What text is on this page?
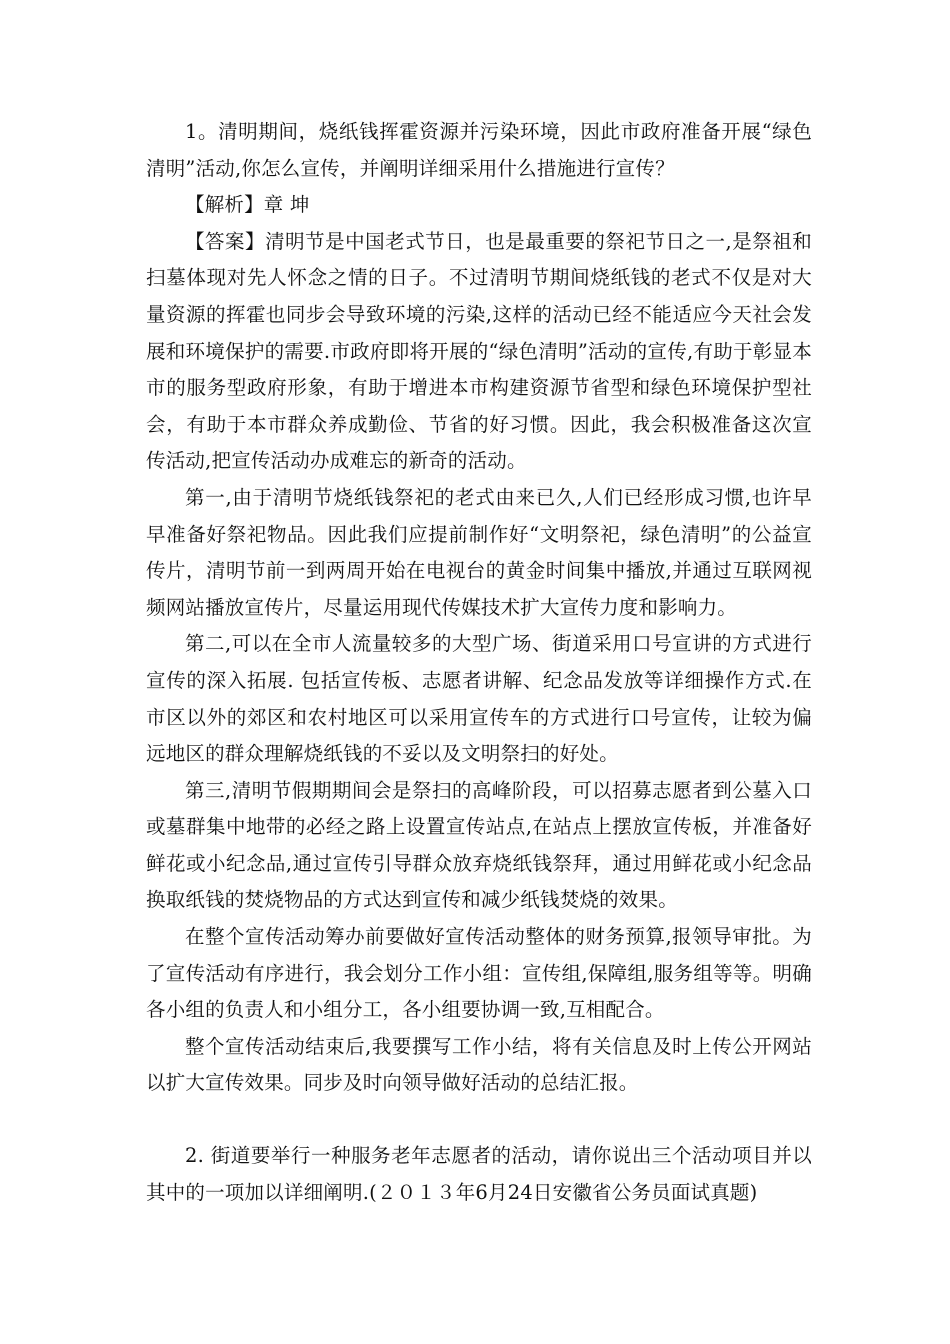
1。清明期间，烧纸钱挥霍资源并污染环境，因此市政府准备开展“绿色清明”活动,你怎么宣传，并阐明详细采用什么措施进行宣传？

【解析】章 坤

【答案】清明节是中国老式节日，也是最重要的祭祀节日之一,是祭祖和扫墓体现对先人怀念之情的日子。不过清明节期间烧纸钱的老式不仅是对大量资源的挥霍也同步会导致环境的污染,这样的活动已经不能适应今天社会发展和环境保护的需要.市政府即将开展的“绿色清明”活动的宣传,有助于彰显本市的服务型政府形象，有助于增进本市构建资源节省型和绿色环境保护型社会，有助于本市群众养成勤俭、节省的好习惯。因此，我会积极准备这次宣传活动,把宣传活动办成难忘的新奇的活动。

第一,由于清明节烧纸钱祭祀的老式由来已久,人们已经形成习惯,也许早早准备好祭祀物品。因此我们应提前制作好“文明祭祀，绿色清明”的公益宣传片，清明节前一到两周开始在电视台的黄金时间集中播放,并通过互联网视频网站播放宣传片，尽量运用现代传媒技术扩大宣传力度和影响力。

第二,可以在全市人流量较多的大型广场、街道采用口号宣讲的方式进行宣传的深入拓展. 包括宣传板、志愿者讲解、纪念品发放等详细操作方式.在市区以外的郊区和农村地区可以采用宣传车的方式进行口号宣传，让较为偏远地区的群众理解烧纸钱的不妥以及文明祭扫的好处。

第三,清明节假期期间会是祭扫的高峰阶段，可以招募志愿者到公墓入口或墓群集中地带的必经之路上设置宣传站点,在站点上摆放宣传板，并准备好鲜花或小纪念品,通过宣传引导群众放弃烧纸钱祭拜，通过用鲜花或小纪念品换取纸钱的焚烧物品的方式达到宣传和减少纸钱焚烧的效果。

在整个宣传活动筹办前要做好宣传活动整体的财务预算,报领导审批。为了宣传活动有序进行，我会划分工作小组：宣传组,保障组,服务组等等。明确各小组的负责人和小组分工，各小组要协调一致,互相配合。

整个宣传活动结束后,我要撰写工作小结，将有关信息及时上传公开网站以扩大宣传效果。同步及时向领导做好活动的总结汇报。

2. 街道要举行一种服务老年志愿者的活动，请你说出三个活动项目并以其中的一项加以详细阐明.(２０１３年6月24日安徽省公务员面试真题)
